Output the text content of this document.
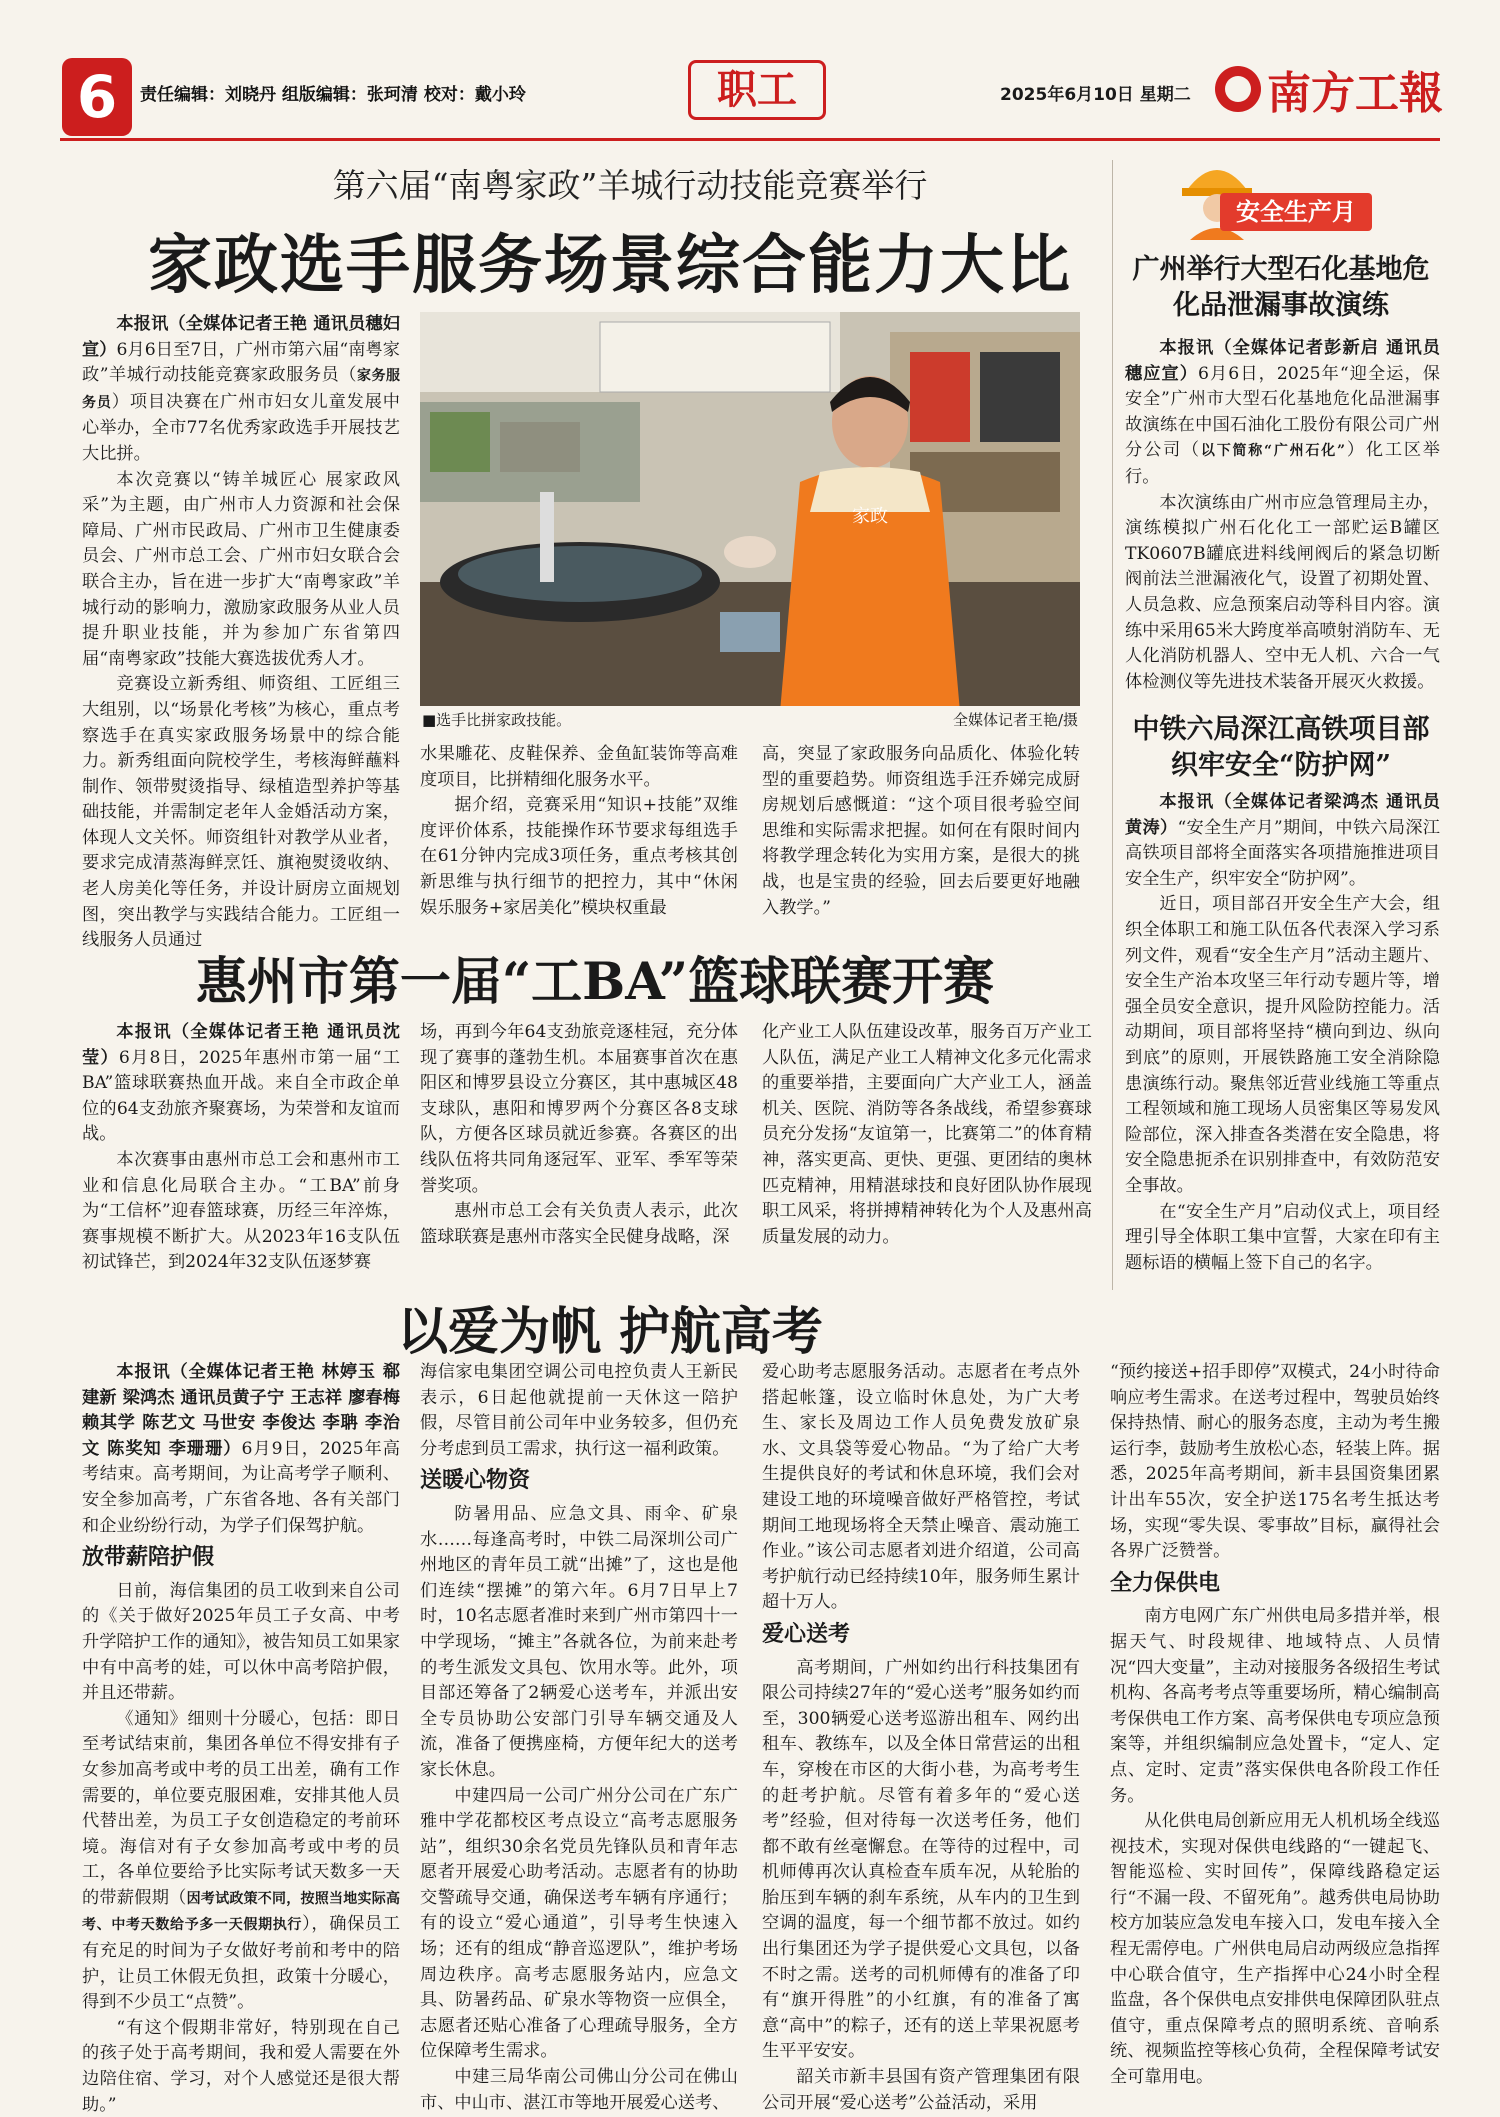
6	责任编辑：刘晓丹 组版编辑：张珂清 校对：戴小玲	职工	2025年6月10日 星期二 南方工報
第六届“南粤家政”羊城行动技能竞赛举行
家政选手服务场景综合能力大比

本报讯（全媒体记者王艳 通讯员穗妇宣）6月6日至7日，广州市第六届“南粤家政”羊城行动技能竞赛家政服务员（家务服务员）项目决赛在广州市妇女儿童发展中心举办，全市77名优秀家政选手开展技艺大比拼。

本次竞赛以“铸羊城匠心 展家政风采”为主题，由广州市人力资源和社会保障局、广州市民政局、广州市卫生健康委员会、广州市总工会、广州市妇女联合会联合主办，旨在进一步扩大“南粤家政”羊城行动的影响力，激励家政服务从业人员提升职业技能，并为参加广东省第四届“南粤家政”技能大赛选拔优秀人才。

竞赛设立新秀组、师资组、工匠组三大组别，以“场景化考核”为核心，重点考察选手在真实家政服务场景中的综合能力。新秀组面向院校学生，考核海鲜蘸料制作、领带熨烫指导、绿植造型养护等基础技能，并需制定老年人金婚活动方案，体现人文关怀。师资组针对教学从业者，要求完成清蒸海鲜烹饪、旗袍熨烫收纳、老人房美化等任务，并设计厨房立面规划图，突出教学与实践结合能力。工匠组一线服务人员通过

家政
■选手比拼家政技能。	全媒体记者王艳/摄

水果雕花、皮鞋保养、金鱼缸装饰等高难度项目，比拼精细化服务水平。

据介绍，竞赛采用“知识+技能”双维度评价体系，技能操作环节要求每组选手在61分钟内完成3项任务，重点考核其创新思维与执行细节的把控力，其中“休闲娱乐服务+家居美化”模块权重最

高，突显了家政服务向品质化、体验化转型的重要趋势。师资组选手汪乔娣完成厨房规划后感慨道：“这个项目很考验空间思维和实际需求把握。如何在有限时间内将教学理念转化为实用方案，是很大的挑战，也是宝贵的经验，回去后要更好地融入教学。”

惠州市第一届“工BA”篮球联赛开赛

本报讯（全媒体记者王艳 通讯员沈莹）6月8日，2025年惠州市第一届“工BA”篮球联赛热血开战。来自全市政企单位的64支劲旅齐聚赛场，为荣誉和友谊而战。

本次赛事由惠州市总工会和惠州市工业和信息化局联合主办。“工BA”前身为“工信杯”迎春篮球赛，历经三年淬炼，赛事规模不断扩大。从2023年16支队伍初试锋芒，到2024年32支队伍逐梦赛

场，再到今年64支劲旅竞逐桂冠，充分体现了赛事的蓬勃生机。本届赛事首次在惠阳区和博罗县设立分赛区，其中惠城区48支球队，惠阳和博罗两个分赛区各8支球队，方便各区球员就近参赛。各赛区的出线队伍将共同角逐冠军、亚军、季军等荣誉奖项。

惠州市总工会有关负责人表示，此次篮球联赛是惠州市落实全民健身战略，深

化产业工人队伍建设改革，服务百万产业工人队伍，满足产业工人精神文化多元化需求的重要举措，主要面向广大产业工人，涵盖机关、医院、消防等各条战线，希望参赛球员充分发扬“友谊第一，比赛第二”的体育精神，落实更高、更快、更强、更团结的奥林匹克精神，用精湛球技和良好团队协作展现职工风采，将拼搏精神转化为个人及惠州高质量发展的动力。

安全生产月
广州举行大型石化基地危化品泄漏事故演练

本报讯（全媒体记者彭新启 通讯员穗应宣）6月6日，2025年“迎全运，保安全”广州市大型石化基地危化品泄漏事故演练在中国石油化工股份有限公司广州分公司（以下简称“广州石化”）化工区举行。

本次演练由广州市应急管理局主办，演练模拟广州石化化工一部贮运B罐区TK0607B罐底进料线闸阀后的紧急切断阀前法兰泄漏液化气，设置了初期处置、人员急救、应急预案启动等科目内容。演练中采用65米大跨度举高喷射消防车、无人化消防机器人、空中无人机、六合一气体检测仪等先进技术装备开展灭火救援。

中铁六局深江高铁项目部织牢安全“防护网”

本报讯（全媒体记者梁鸿杰 通讯员黄涛）“安全生产月”期间，中铁六局深江高铁项目部将全面落实各项措施推进项目安全生产，织牢安全“防护网”。

近日，项目部召开安全生产大会，组织全体职工和施工队伍各代表深入学习系列文件，观看“安全生产月”活动主题片、安全生产治本攻坚三年行动专题片等，增强全员安全意识，提升风险防控能力。活动期间，项目部将坚持“横向到边、纵向到底”的原则，开展铁路施工安全消除隐患演练行动。聚焦邻近营业线施工等重点工程领域和施工现场人员密集区等易发风险部位，深入排查各类潜在安全隐患，将安全隐患扼杀在识别排查中，有效防范安全事故。

在“安全生产月”启动仪式上，项目经理引导全体职工集中宣誓，大家在印有主题标语的横幅上签下自己的名字。

以爱为帆 护航高考

本报讯（全媒体记者王艳 林婷玉 郗建新 梁鸿杰 通讯员黄子宁 王志祥 廖春梅 赖其学 陈艺文 马世安 李俊达 李聃 李治文 陈奖知 李珊珊）6月9日，2025年高考结束。高考期间，为让高考学子顺利、安全参加高考，广东省各地、各有关部门和企业纷纷行动，为学子们保驾护航。

放带薪陪护假

日前，海信集团的员工收到来自公司的《关于做好2025年员工子女高、中考升学陪护工作的通知》，被告知员工如果家中有中高考的娃，可以休中高考陪护假，并且还带薪。

《通知》细则十分暖心，包括：即日至考试结束前，集团各单位不得安排有子女参加高考或中考的员工出差，确有工作需要的，单位要克服困难，安排其他人员代替出差，为员工子女创造稳定的考前环境。海信对有子女参加高考或中考的员工，各单位要给予比实际考试天数多一天的带薪假期（因考试政策不同，按照当地实际高考、中考天数给予多一天假期执行），确保员工有充足的时间为子女做好考前和考中的陪护，让员工休假无负担，政策十分暖心，得到不少员工“点赞”。

“有这个假期非常好，特别现在自己的孩子处于高考期间，我和爱人需要在外边陪住宿、学习，对个人感觉还是很大帮助。”

海信家电集团空调公司电控负责人王新民表示，6日起他就提前一天休这一陪护假，尽管目前公司年中业务较多，但仍充分考虑到员工需求，执行这一福利政策。

送暖心物资

防暑用品、应急文具、雨伞、矿泉水……每逢高考时，中铁二局深圳公司广州地区的青年员工就“出摊”了，这也是他们连续“摆摊”的第六年。6月7日早上7时，10名志愿者准时来到广州市第四十一中学现场，“摊主”各就各位，为前来赴考的考生派发文具包、饮用水等。此外，项目部还筹备了2辆爱心送考车，并派出安全专员协助公安部门引导车辆交通及人流，准备了便携座椅，方便年纪大的送考家长休息。

中建四局一公司广州分公司在广东广雅中学花都校区考点设立“高考志愿服务站”，组织30余名党员先锋队员和青年志愿者开展爱心助考活动。志愿者有的协助交警疏导交通，确保送考车辆有序通行；有的设立“爱心通道”，引导考生快速入场；还有的组成“静音巡逻队”，维护考场周边秩序。高考志愿服务站内，应急文具、防暑药品、矿泉水等物资一应俱全，志愿者还贴心准备了心理疏导服务，全方位保障考生需求。

中建三局华南公司佛山分公司在佛山市、中山市、湛江市等地开展爱心送考、

爱心助考志愿服务活动。志愿者在考点外搭起帐篷，设立临时休息处，为广大考生、家长及周边工作人员免费发放矿泉水、文具袋等爱心物品。“为了给广大考生提供良好的考试和休息环境，我们会对建设工地的环境噪音做好严格管控，考试期间工地现场将全天禁止噪音、震动施工作业。”该公司志愿者刘进介绍道，公司高考护航行动已经持续10年，服务师生累计超十万人。

爱心送考

高考期间，广州如约出行科技集团有限公司持续27年的“爱心送考”服务如约而至，300辆爱心送考巡游出租车、网约出租车、教练车，以及全体日常营运的出租车，穿梭在市区的大街小巷，为高考考生的赶考护航。尽管有着多年的“爱心送考”经验，但对待每一次送考任务，他们都不敢有丝毫懈怠。在等待的过程中，司机师傅再次认真检查车质车况，从轮胎的胎压到车辆的刹车系统，从车内的卫生到空调的温度，每一个细节都不放过。如约出行集团还为学子提供爱心文具包，以备不时之需。送考的司机师傅有的准备了印有“旗开得胜”的小红旗，有的准备了寓意“高中”的粽子，还有的送上苹果祝愿考生平平安安。

韶关市新丰县国有资产管理集团有限公司开展“爱心送考”公益活动，采用

“预约接送+招手即停”双模式，24小时待命响应考生需求。在送考过程中，驾驶员始终保持热情、耐心的服务态度，主动为考生搬运行李，鼓励考生放松心态，轻装上阵。据悉，2025年高考期间，新丰县国资集团累计出车55次，安全护送175名考生抵达考场，实现“零失误、零事故”目标，赢得社会各界广泛赞誉。

全力保供电

南方电网广东广州供电局多措并举，根据天气、时段规律、地域特点、人员情况“四大变量”，主动对接服务各级招生考试机构、各高考考点等重要场所，精心编制高考保供电工作方案、高考保供电专项应急预案等，并组织编制应急处置卡，“定人、定点、定时、定责”落实保供电各阶段工作任务。

从化供电局创新应用无人机机场全线巡视技术，实现对保供电线路的“一键起飞、智能巡检、实时回传”，保障线路稳定运行“不漏一段、不留死角”。越秀供电局协助校方加装应急发电车接入口，发电车接入全程无需停电。广州供电局启动两级应急指挥中心联合值守，生产指挥中心24小时全程监盘，各个保供电点安排供电保障团队驻点值守，重点保障考点的照明系统、音响系统、视频监控等核心负荷，全程保障考试安全可靠用电。
